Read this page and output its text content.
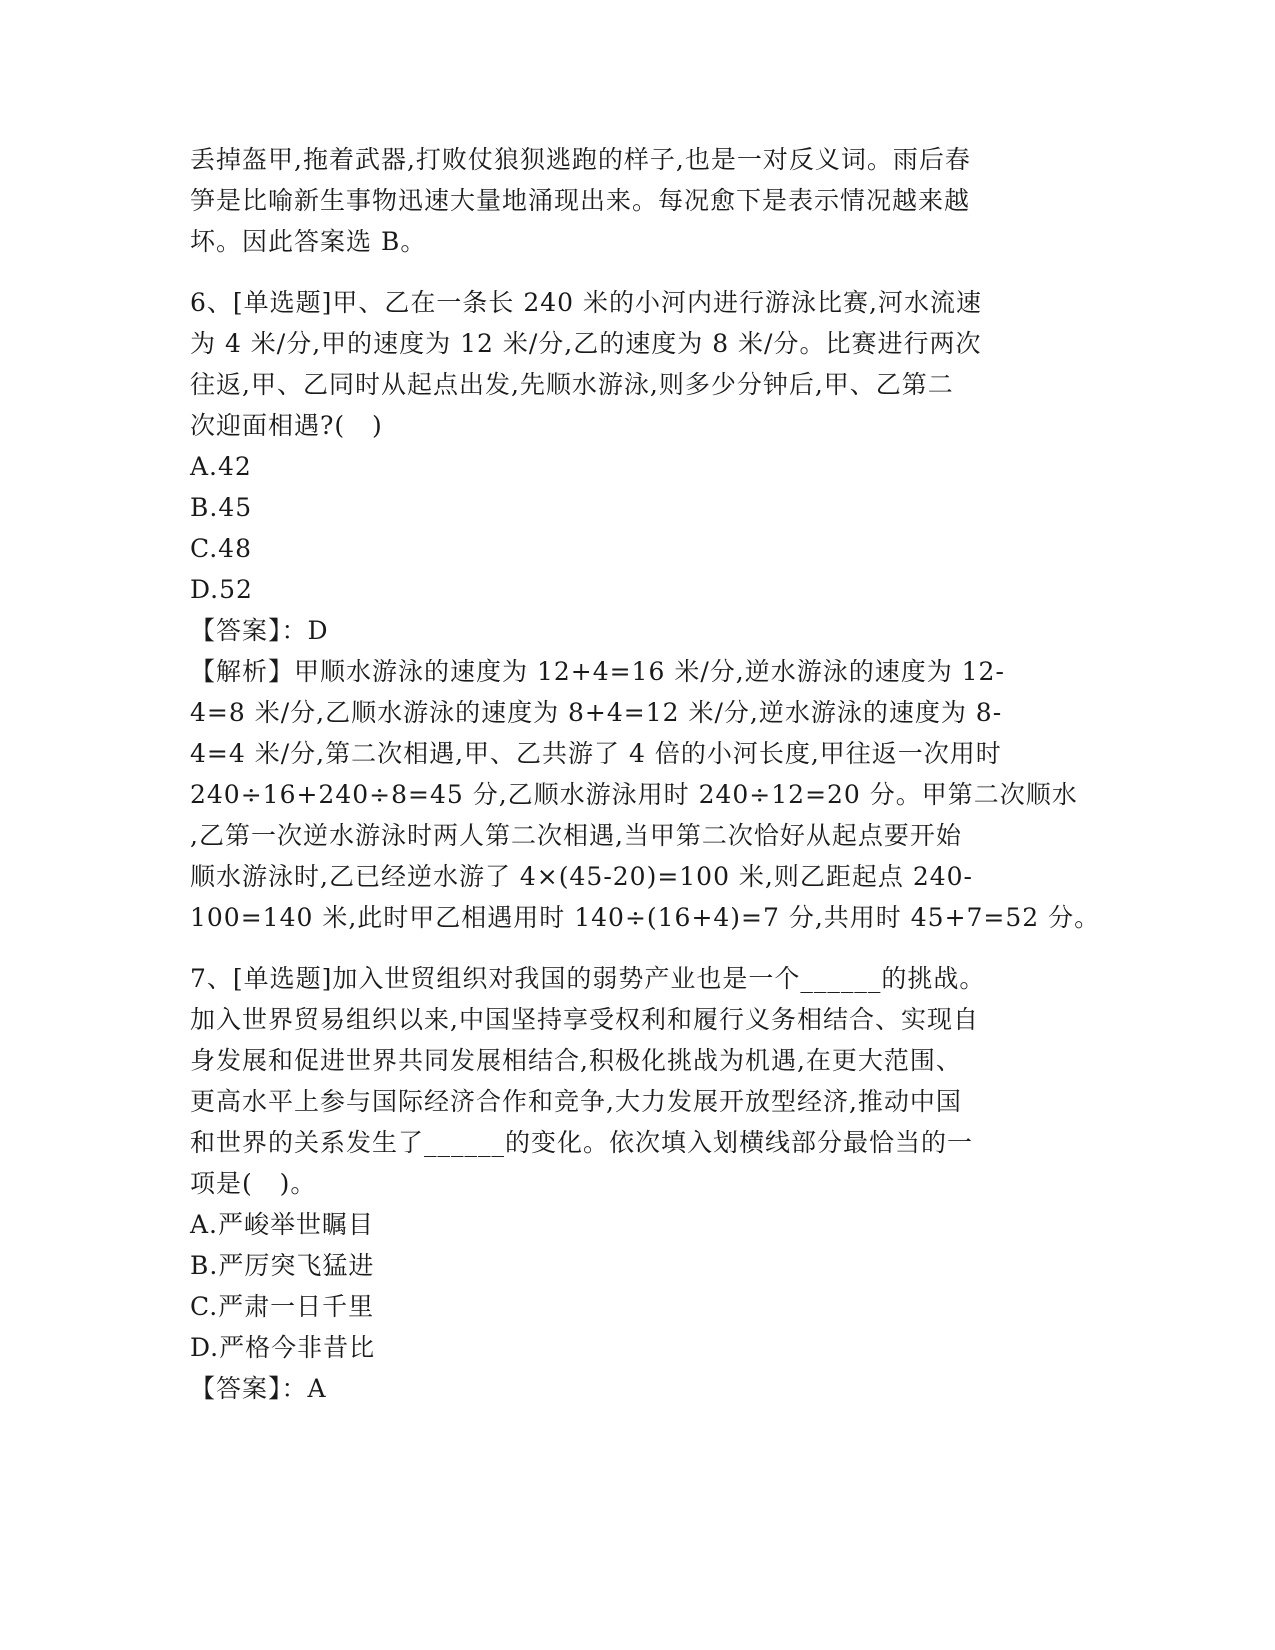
丢掉盔甲,拖着武器,打败仗狼狈逃跑的样子,也是一对反义词。雨后春
笋是比喻新生事物迅速大量地涌现出来。每况愈下是表示情况越来越
坏。因此答案选 B。
6、[单选题]甲、乙在一条长 240 米的小河内进行游泳比赛,河水流速
为 4 米/分,甲的速度为 12 米/分,乙的速度为 8 米/分。比赛进行两次
往返,甲、乙同时从起点出发,先顺水游泳,则多少分钟后,甲、乙第二
次迎面相遇?(   )
A.42
B.45
C.48
D.52
【答案】：D
【解析】甲顺水游泳的速度为 12+4=16 米/分,逆水游泳的速度为 12-
4=8 米/分,乙顺水游泳的速度为 8+4=12 米/分,逆水游泳的速度为 8-
4=4 米/分,第二次相遇,甲、乙共游了 4 倍的小河长度,甲往返一次用时
240÷16+240÷8=45 分,乙顺水游泳用时 240÷12=20 分。甲第二次顺水
,乙第一次逆水游泳时两人第二次相遇,当甲第二次恰好从起点要开始
顺水游泳时,乙已经逆水游了 4×(45-20)=100 米,则乙距起点 240-
100=140 米,此时甲乙相遇用时 140÷(16+4)=7 分,共用时 45+7=52 分。
7、[单选题]加入世贸组织对我国的弱势产业也是一个______的挑战。
加入世界贸易组织以来,中国坚持享受权利和履行义务相结合、实现自
身发展和促进世界共同发展相结合,积极化挑战为机遇,在更大范围、
更高水平上参与国际经济合作和竞争,大力发展开放型经济,推动中国
和世界的关系发生了______的变化。依次填入划横线部分最恰当的一
项是(   )。
A.严峻举世瞩目
B.严厉突飞猛进
C.严肃一日千里
D.严格今非昔比
【答案】：A
